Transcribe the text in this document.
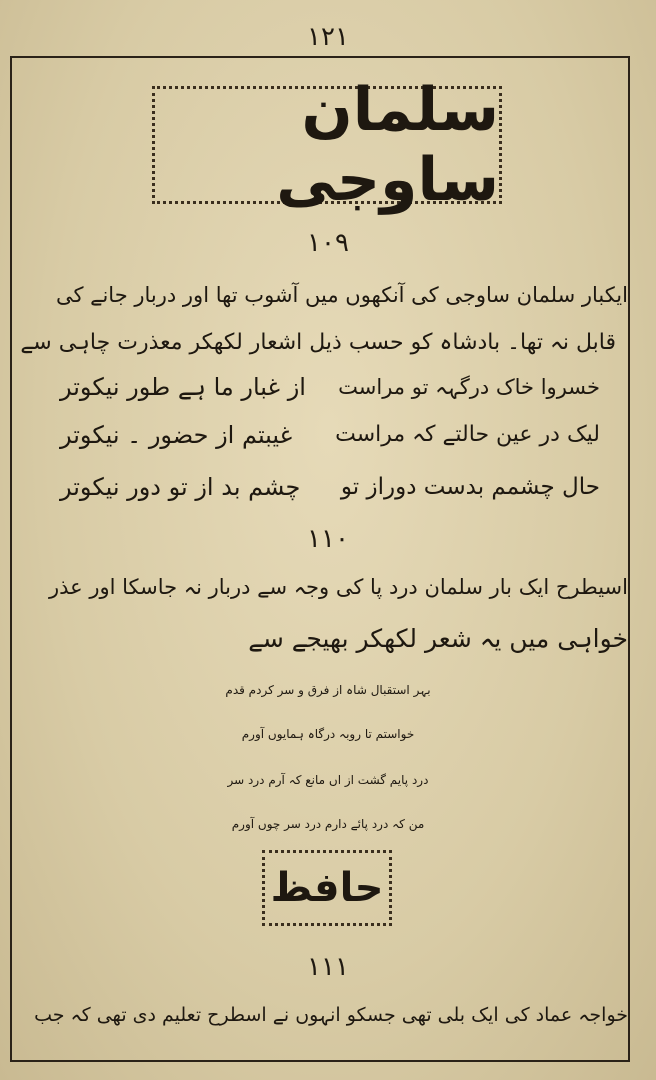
۱۲۱
سلمان ساوجی
۱۰۹
ایکبار سلمان ساوجی کی آنکھوں میں آشوب تھا اور دربار جانے کی
قابل نہ تھا۔ بادشاہ کو حسب ذیل اشعار لکھکر معذرت چاہی سے
خسروا خاک درگہہ تو مراست
از غبار ما ہے طور نیکوتر
لیک در عین حالتے کہ مراست
غیبتم از حضور ۔ نیکوتر
حال چشمم بدست دوراز تو
چشم بد از تو دور نیکوتر
۱۱۰
اسیطرح ایک بار سلمان درد پا کی وجہ سے دربار نہ جاسکا اور عذر
خواہی میں یہ شعر لکھکر بھیجے سے
بہر استقبال شاہ از فرق و سر کردم قدم
خواستم تا روبہ درگاہ ہمایوں آورم
درد پایم گشت از اں مانع کہ آرم درد سر
من کہ درد پائے دارم درد سر چوں آورم
حافظ
۱۱۱
خواجہ عماد کی ایک بلی تھی جسکو انہوں نے اسطرح تعلیم دی تھی کہ جب
